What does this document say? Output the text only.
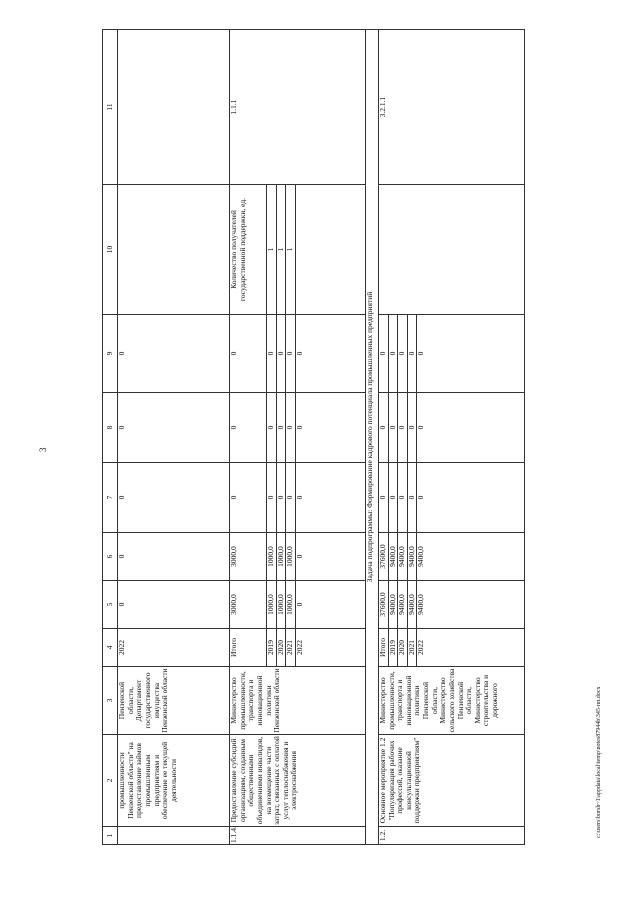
3
1	2	3	4	5	6	7	8	9	10	11
	промышленности Пензенской области" на предоставление займов промышленным предприятиям и обеспечение ее текущей деятельности	Пензенской области, Департамент государственного имущества Пензенской области	2022	0	0	0	0	0		
1.1.4.	Предоставление субсидий организациям, созданным общественными объединениями инвалидов, на возмещение части затрат, связанных с оплатой услуг теплоснабжения и электроснабжения	Министерство промышленности, транспорта и инновационной политики Пензенской области	Итого	3000,0	3000,0	0	0	0	Количество получателей государственной поддержки, ед.	1.1.1
			2019	1000,0	1000,0	0	0	0	1	
			2020	1000,0	1000,0	0	0	0	1	
			2021	1000,0	1000,0	0	0	0	1	
			2022	0	0	0	0	0		
Задача подпрограммы: Формирование кадрового потенциала промышленных предприятий										
1.2.	Основное мероприятие 1.2 "Популяризация рабочих профессий, оказание консультационной поддержки предприятиям"	Министерство промышленности, транспорта и инновационной политики Пензенской области, Министерство сельского хозяйства Пензенской области, Министерство строительства и дорожного	Итого	37600,0	37600,0	0	0	0		3.2.1.1
			2019	9400,0	9400,0	0	0	0		
			2020	9400,0	9400,0	0	0	0		
			2021	9400,0	9400,0	0	0	0		
			2022	9400,0	9400,0	0	0	0		
c:\users\borsh~1\appdata\local\temp\notes87944b\345-пп.docx
